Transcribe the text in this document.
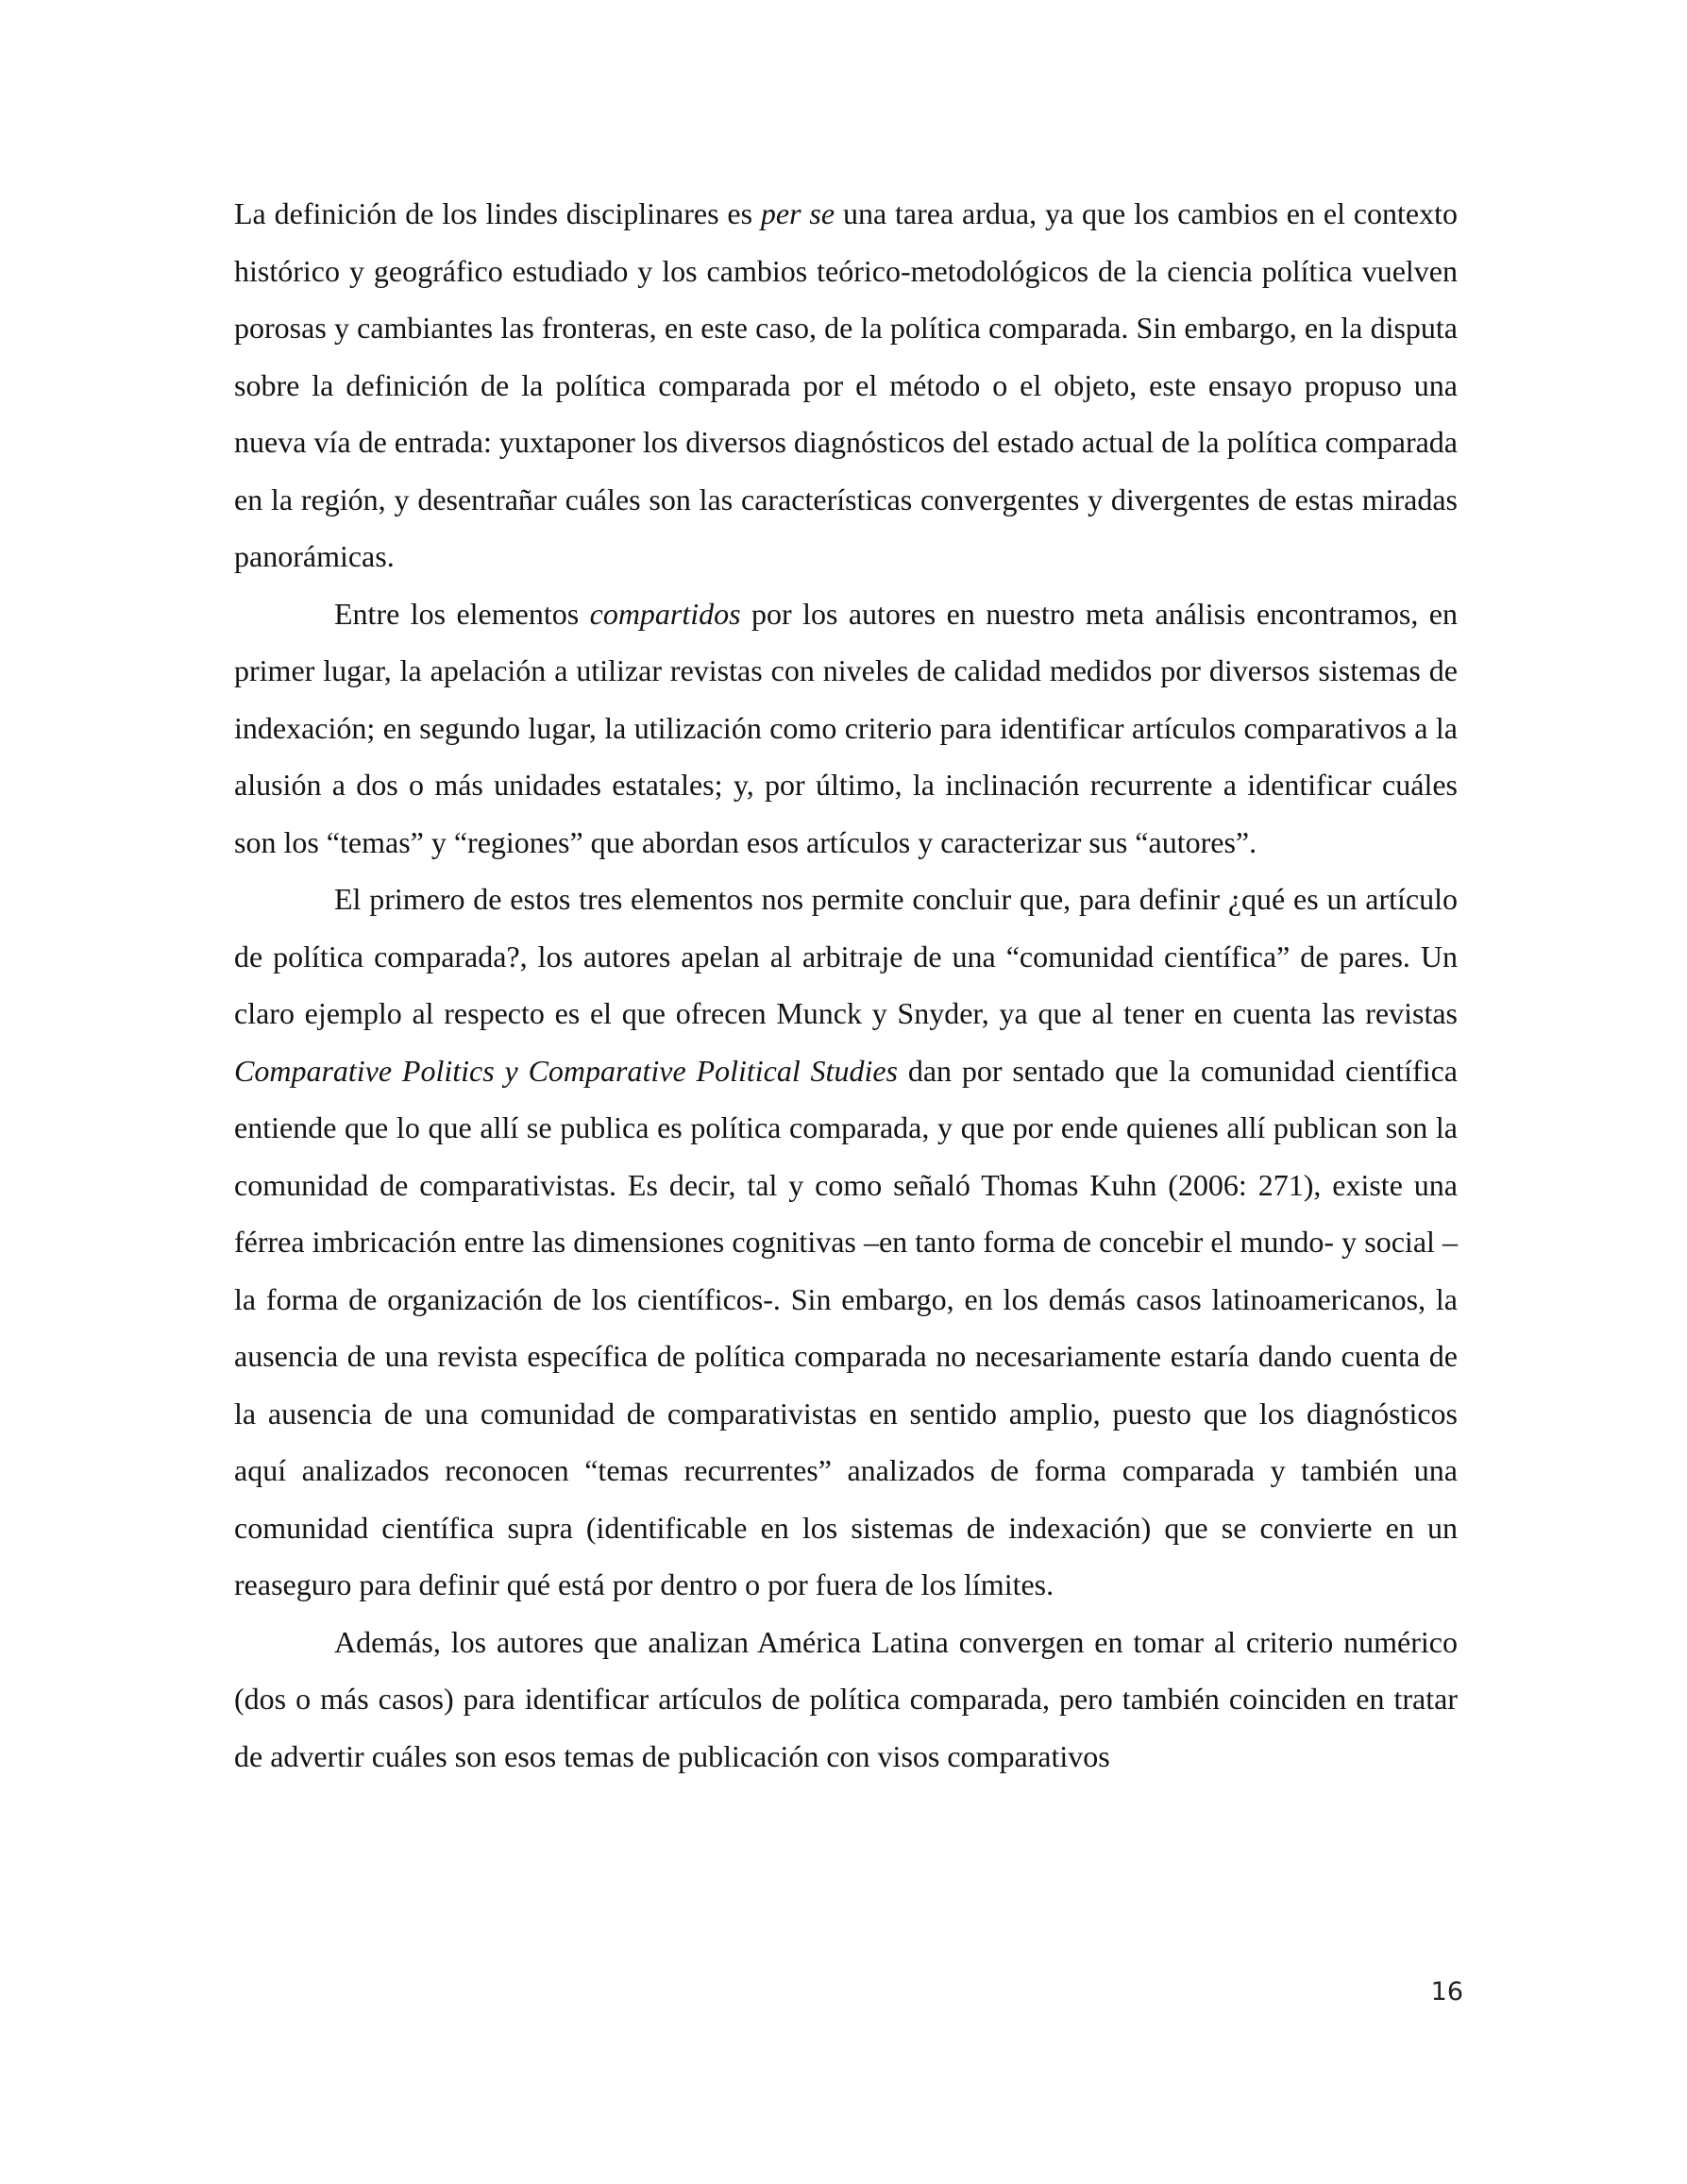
La definición de los lindes disciplinares es per se una tarea ardua, ya que los cambios en el contexto histórico y geográfico estudiado y los cambios teórico-metodológicos de la ciencia política vuelven porosas y cambiantes las fronteras, en este caso, de la política comparada. Sin embargo, en la disputa sobre la definición de la política comparada por el método o el objeto, este ensayo propuso una nueva vía de entrada: yuxtaponer los diversos diagnósticos del estado actual de la política comparada en la región, y desentrañar cuáles son las características convergentes y divergentes de estas miradas panorámicas.

Entre los elementos compartidos por los autores en nuestro meta análisis encontramos, en primer lugar, la apelación a utilizar revistas con niveles de calidad medidos por diversos sistemas de indexación; en segundo lugar, la utilización como criterio para identificar artículos comparativos a la alusión a dos o más unidades estatales; y, por último, la inclinación recurrente a identificar cuáles son los “temas” y “regiones” que abordan esos artículos y caracterizar sus “autores”.

El primero de estos tres elementos nos permite concluir que, para definir ¿qué es un artículo de política comparada?, los autores apelan al arbitraje de una “comunidad científica” de pares. Un claro ejemplo al respecto es el que ofrecen Munck y Snyder, ya que al tener en cuenta las revistas Comparative Politics y Comparative Political Studies dan por sentado que la comunidad científica entiende que lo que allí se publica es política comparada, y que por ende quienes allí publican son la comunidad de comparativistas. Es decir, tal y como señaló Thomas Kuhn (2006: 271), existe una férrea imbricación entre las dimensiones cognitivas –en tanto forma de concebir el mundo- y social –la forma de organización de los científicos-. Sin embargo, en los demás casos latinoamericanos, la ausencia de una revista específica de política comparada no necesariamente estaría dando cuenta de la ausencia de una comunidad de comparativistas en sentido amplio, puesto que los diagnósticos aquí analizados reconocen “temas recurrentes” analizados de forma comparada y también una comunidad científica supra (identificable en los sistemas de indexación) que se convierte en un reaseguro para definir qué está por dentro o por fuera de los límites.

Además, los autores que analizan América Latina convergen en tomar al criterio numérico (dos o más casos) para identificar artículos de política comparada, pero también coinciden en tratar de advertir cuáles son esos temas de publicación con visos comparativos

16
